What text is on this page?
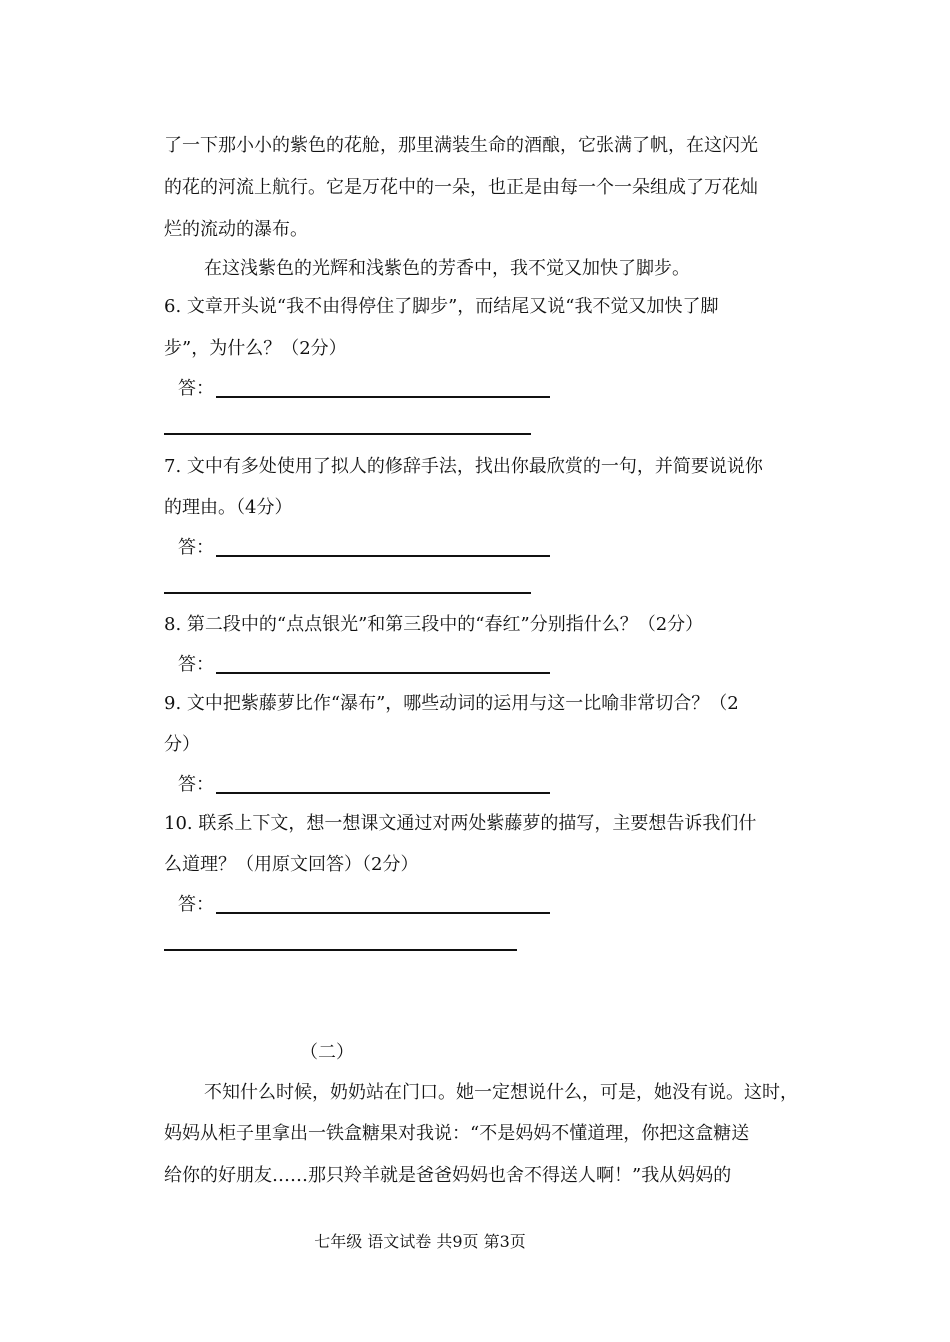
了一下那小小的紫色的花舱，那里满装生命的酒酿，它张满了帆，在这闪光
的花的河流上航行。它是万花中的一朵，也正是由每一个一朵组成了万花灿
烂的流动的瀑布。
在这浅紫色的光辉和浅紫色的芳香中，我不觉又加快了脚步。
6. 文章开头说“我不由得停住了脚步”，而结尾又说“我不觉又加快了脚
步”，为什么？（2分）
答：
7. 文中有多处使用了拟人的修辞手法，找出你最欣赏的一句，并简要说说你
的理由。（4分）
答：
8. 第二段中的“点点银光”和第三段中的“春红”分别指什么？（2分）
答：
9. 文中把紫藤萝比作“瀑布”，哪些动词的运用与这一比喻非常切合？（2
分）
答：
10. 联系上下文，想一想课文通过对两处紫藤萝的描写，主要想告诉我们什
么道理？（用原文回答）（2分）
答：
（二）
不知什么时候，奶奶站在门口。她一定想说什么，可是，她没有说。这时，
妈妈从柜子里拿出一铁盒糖果对我说：“不是妈妈不懂道理，你把这盒糖送
给你的好朋友……那只羚羊就是爸爸妈妈也舍不得送人啊！”我从妈妈的
七年级 语文试卷 共9页 第3页
